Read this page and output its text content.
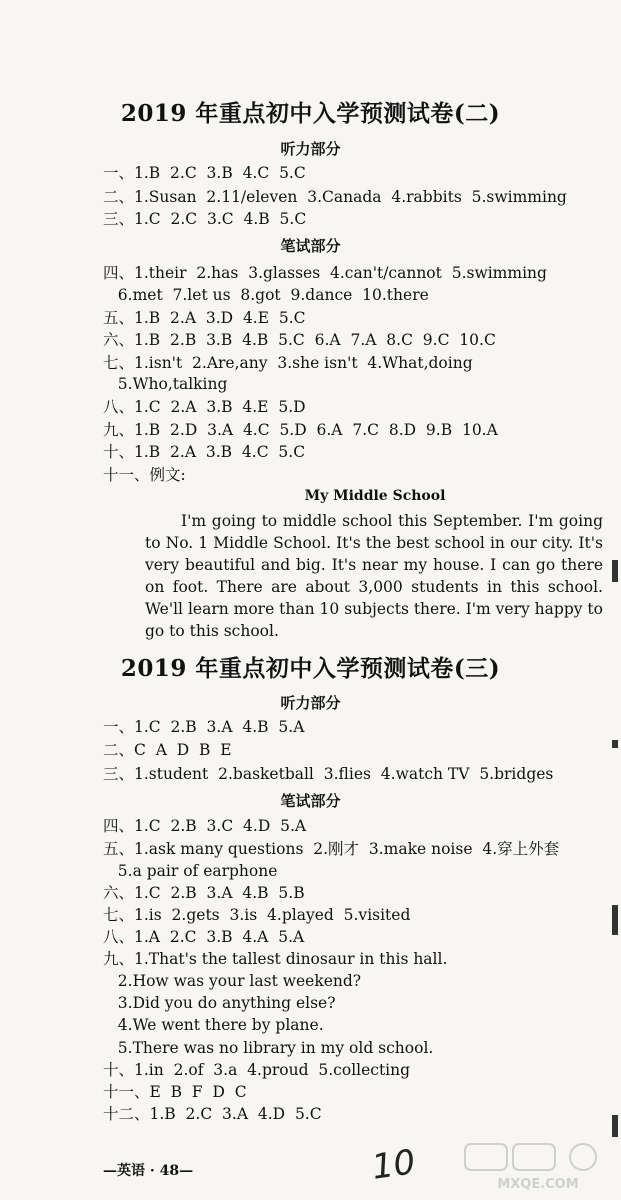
2019 年重点初中入学预测试卷(二)
听力部分
一、1.B  2.C  3.B  4.C  5.C
二、1.Susan  2.11/eleven  3.Canada  4.rabbits  5.swimming
三、1.C  2.C  3.C  4.B  5.C
笔试部分
四、1.their  2.has  3.glasses  4.can't/cannot  5.swimming
6.met  7.let us  8.got  9.dance  10.there
五、1.B  2.A  3.D  4.E  5.C
六、1.B  2.B  3.B  4.B  5.C  6.A  7.A  8.C  9.C  10.C
七、1.isn't  2.Are,any  3.she isn't  4.What,doing
5.Who,talking
八、1.C  2.A  3.B  4.E  5.D
九、1.B  2.D  3.A  4.C  5.D  6.A  7.C  8.D  9.B  10.A
十、1.B  2.A  3.B  4.C  5.C
十一、例文:
My Middle School
I'm going to middle school this September. I'm going to No. 1 Middle School. It's the best school in our city. It's very beautiful and big. It's near my house. I can go there on foot. There are about 3,000 students in this school. We'll learn more than 10 subjects there. I'm very happy to go to this school.
2019 年重点初中入学预测试卷(三)
听力部分
一、1.C  2.B  3.A  4.B  5.A
二、C  A  D  B  E
三、1.student  2.basketball  3.flies  4.watch TV  5.bridges
笔试部分
四、1.C  2.B  3.C  4.D  5.A
五、1.ask many questions  2.刚才  3.make noise  4.穿上外套
5.a pair of earphone
六、1.C  2.B  3.A  4.B  5.B
七、1.is  2.gets  3.is  4.played  5.visited
八、1.A  2.C  3.B  4.A  5.A
九、1.That's the tallest dinosaur in this hall.
2.How was your last weekend?
3.Did you do anything else?
4.We went there by plane.
5.There was no library in my old school.
十、1.in  2.of  3.a  4.proud  5.collecting
十一、E  B  F  D  C
十二、1.B  2.C  3.A  4.D  5.C
—英语 · 48—	10	MXQE.COM
